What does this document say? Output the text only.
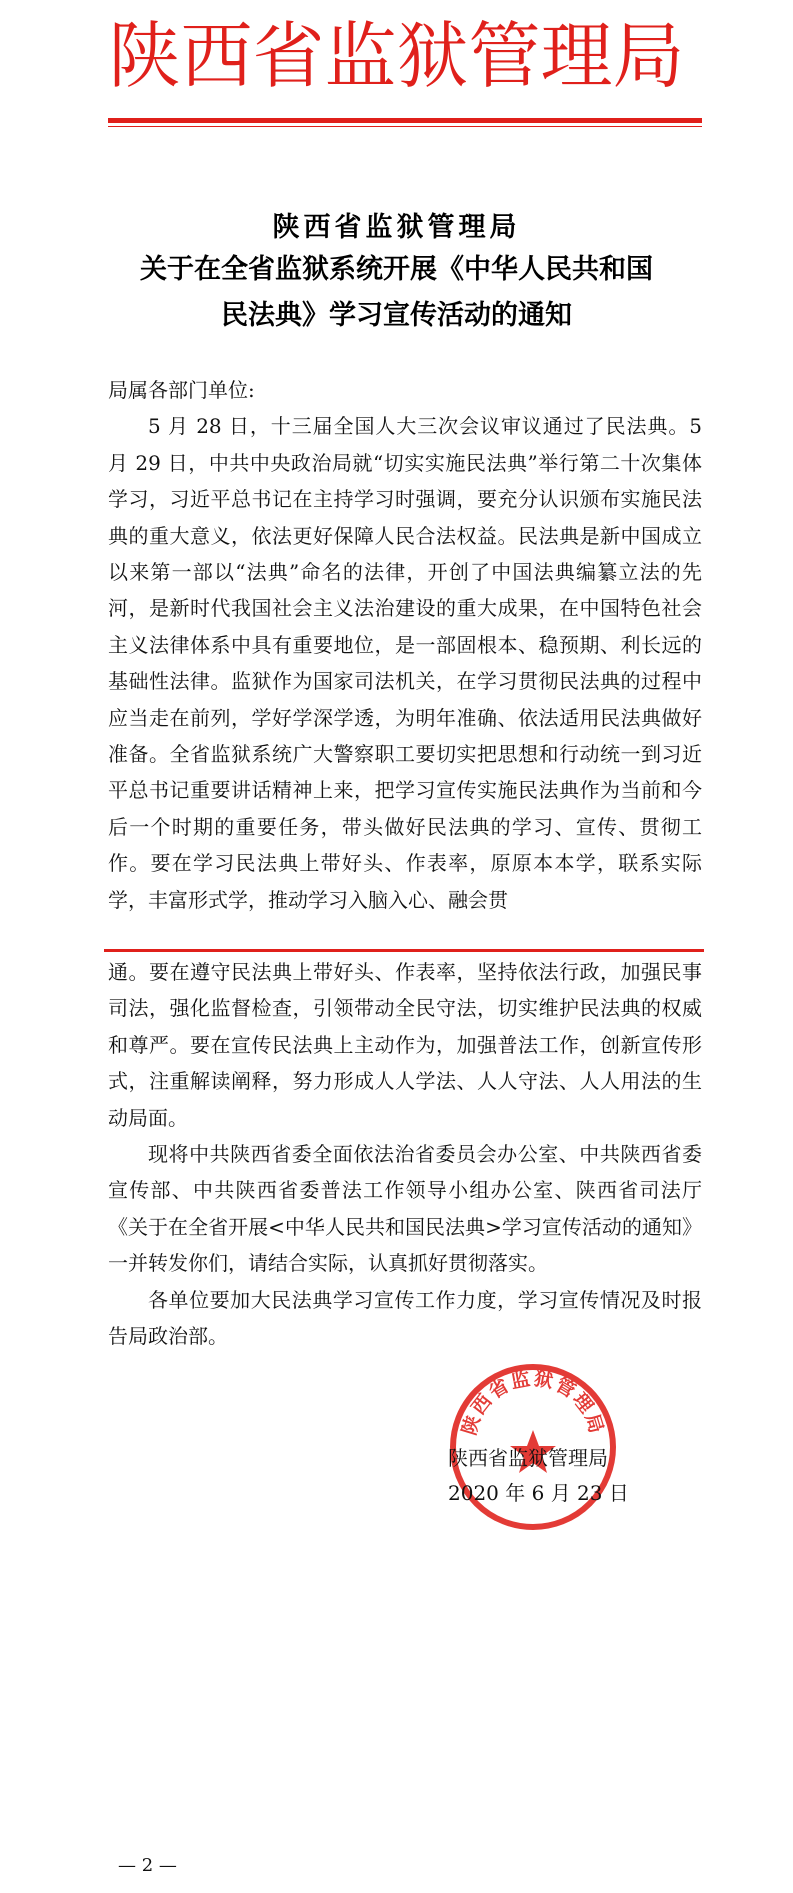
陕西省监狱管理局
陕西省监狱管理局
关于在全省监狱系统开展《中华人民共和国
民法典》学习宣传活动的通知

局属各部门单位:

5 月 28 日，十三届全国人大三次会议审议通过了民法典。5 月 29 日，中共中央政治局就“切实实施民法典”举行第二十次集体学习，习近平总书记在主持学习时强调，要充分认识颁布实施民法典的重大意义，依法更好保障人民合法权益。民法典是新中国成立以来第一部以“法典”命名的法律，开创了中国法典编纂立法的先河，是新时代我国社会主义法治建设的重大成果，在中国特色社会主义法律体系中具有重要地位，是一部固根本、稳预期、利长远的基础性法律。监狱作为国家司法机关，在学习贯彻民法典的过程中应当走在前列，学好学深学透，为明年准确、依法适用民法典做好准备。全省监狱系统广大警察职工要切实把思想和行动统一到习近平总书记重要讲话精神上来，把学习宣传实施民法典作为当前和今后一个时期的重要任务，带头做好民法典的学习、宣传、贯彻工作。要在学习民法典上带好头、作表率，原原本本学，联系实际学，丰富形式学，推动学习入脑入心、融会贯

通。要在遵守民法典上带好头、作表率，坚持依法行政，加强民事司法，强化监督检查，引领带动全民守法，切实维护民法典的权威和尊严。要在宣传民法典上主动作为，加强普法工作，创新宣传形式，注重解读阐释，努力形成人人学法、人人守法、人人用法的生动局面。

现将中共陕西省委全面依法治省委员会办公室、中共陕西省委宣传部、中共陕西省委普法工作领导小组办公室、陕西省司法厅《关于在全省开展<中华人民共和国民法典>学习宣传活动的通知》一并转发你们，请结合实际，认真抓好贯彻落实。

各单位要加大民法典学习宣传工作力度，学习宣传情况及时报告局政治部。

陕西省监狱管理局
陕西省监狱管理局
2020 年 6 月 23 日
— 2 —
